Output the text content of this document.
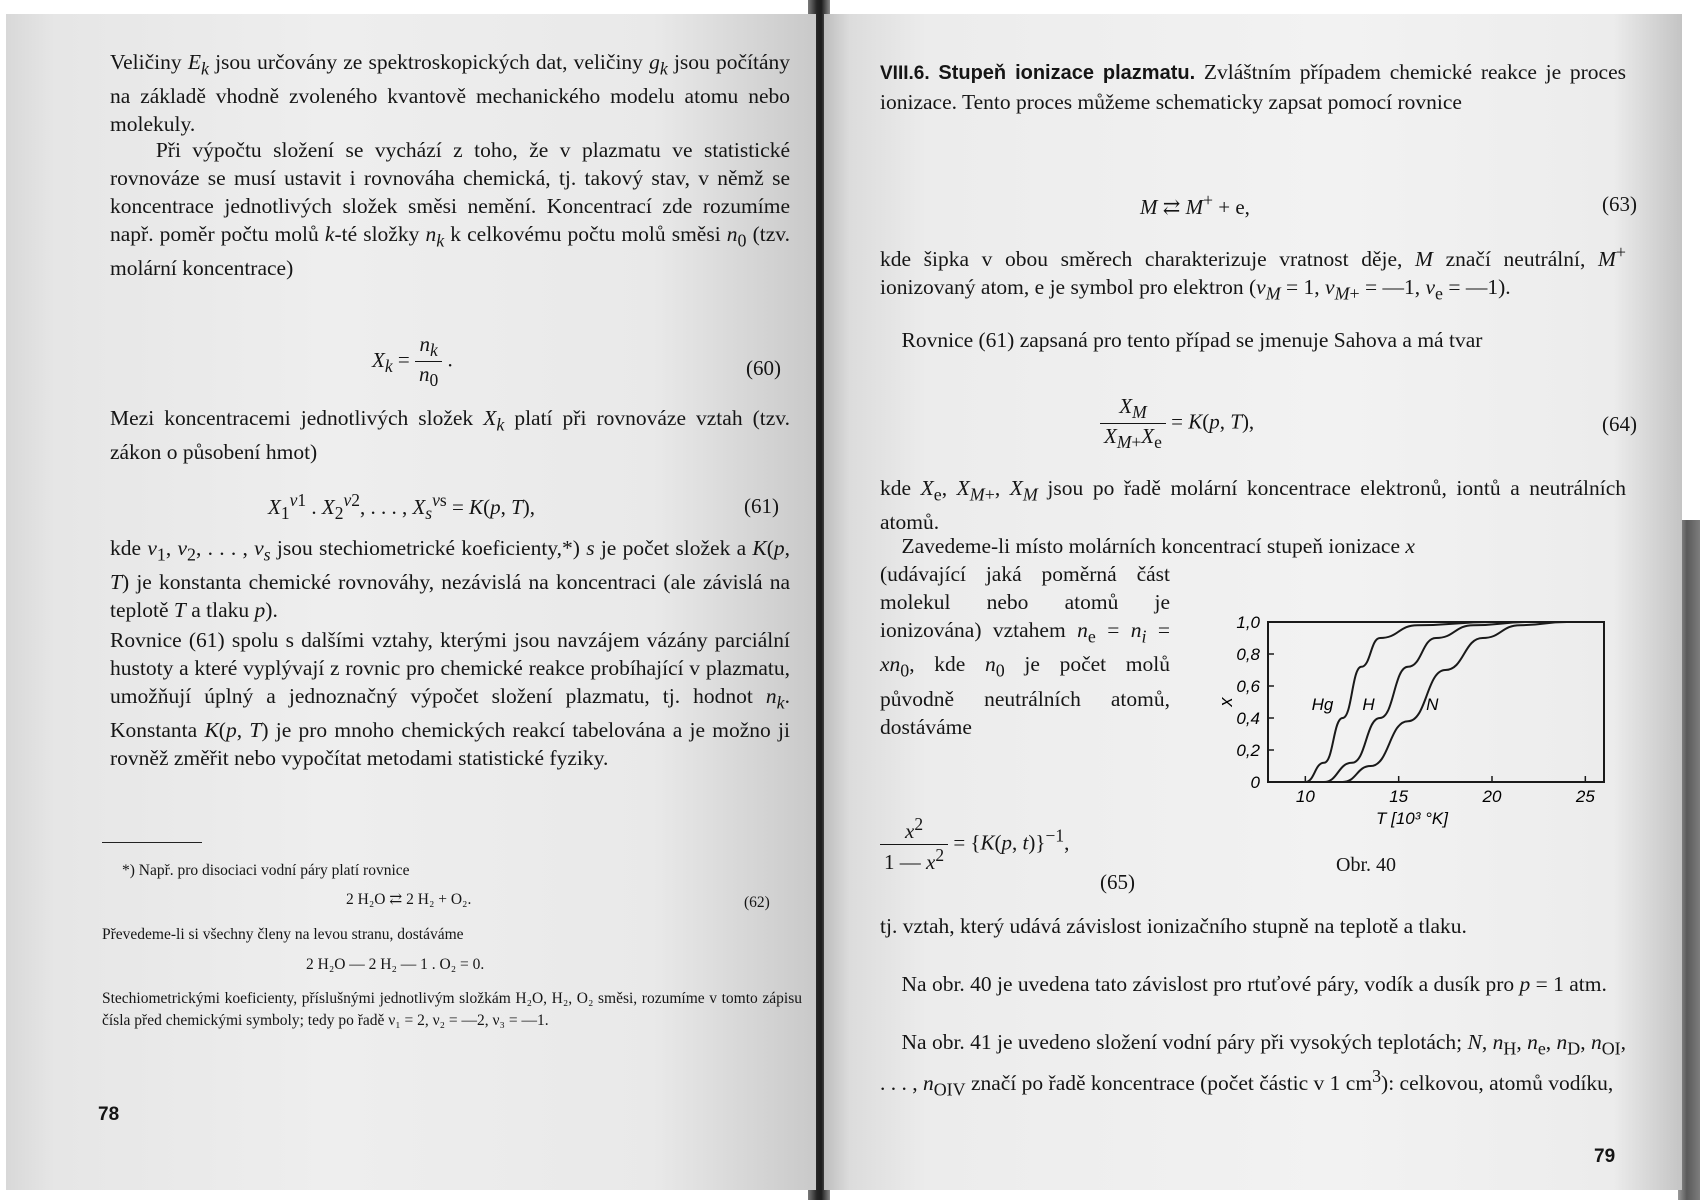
Veličiny $E_k$ jsou určovány ze spektroskopických dat, veličiny $g_k$ jsou počítány na základě vhodně zvoleného kvantově mechanického modelu atomu nebo molekuly.

Při výpočtu složení se vychází z toho, že v plazmatu ve statistické rovnováze se musí ustavit i rovnováha chemická, tj. takový stav, v němž se koncentrace jednotlivých složek směsi nemění. Koncentrací zde rozumíme např. poměr počtu molů k-té složky $n_k$ k celkovému počtu molů směsi $n_0$ (tzv. molární koncentrace)

$X_k = \frac{n_k}{n_0}$ .	(60)

Mezi koncentracemi jednotlivých složek $X_k$ platí při rovnováze vztah (tzv. zákon o působení hmot)

$X_1^{\nu 1}$ . $X_2^{\nu 2}$, . . . , $X_s^{\nu s} = K(p$, T),	(61)

kde $\nu_1$, $\nu_2$, . . . , $\nu_s$ jsou stechiometrické koeficienty,*) s je počet složek a K(p, T) je konstanta chemické rovnováhy, nezávislá na koncentraci (ale závislá na teplotě T a tlaku p).

Rovnice (61) spolu s dalšími vztahy, kterými jsou navzájem vázány parciální hustoty a které vyplývají z rovnic pro chemické reakce probíhající v plazmatu, umožňují úplný a jednoznačný výpočet složení plazmatu, tj. hodnot $n_k$. Konstanta K(p, T) je pro mnoho chemických reakcí tabelována a je možno ji rovněž změřit nebo vypočítat metodami statistické fyziky.

*) Např. pro disociaci vodní páry platí rovnice

2 H₂O ⇄ 2 H₂ + O₂.	(62)

Převedeme-li si všechny členy na levou stranu, dostáváme

2 H₂O — 2 H₂ — 1 . O₂ = 0.

Stechiometrickými koeficienty, příslušnými jednotlivým složkám H₂O, H₂, O₂ směsi, rozumíme v tomto zápisu čísla před chemickými symboly; tedy po řadě ν₁ = 2, ν₂ = —2, ν₃ = —1.

78

VIII.6. Stupeň ionizace plazmatu. Zvláštním případem chemické reakce je proces ionizace. Tento proces můžeme schematicky zapsat pomocí rovnice

M ⇄ M+ + e,	(63)

kde šipka v obou směrech charakterizuje vratnost děje, M značí neutrální, M+ ionizovaný atom, e je symbol pro elektron ($\nu_M = 1$, $\nu_{M+}$ = —1, $\nu_e$ = —1).

Rovnice (61) zapsaná pro tento případ se jmenuje Sahova a má tvar

$\frac{X_M}{X_{M+}X_e} = K(p$, T),	(64)

kde $X_e$, $X_{M+}$, $X_M$ jsou po řadě molární koncentrace elektronů, iontů a neutrálních atomů.

Zavedeme-li místo molárních koncentrací stupeň ionizace x

(udávající jaká poměrná část molekul nebo atomů je ionizována) vztahem $n_e = n_i = xn_0$, kde $n_0$ je počet molů původně neutrálních atomů, dostáváme

0
0,2
0,4
0,6
0,8
1,0
10	15	20	25
T [10³ °K]
x	Hg H	N
Obr. 40
$\frac{x^2}{1 — x^2} = \{K(p$, t)}$^{-1}$,
(65)

tj. vztah, který udává závislost ionizačního stupně na teplotě a tlaku.

Na obr. 40 je uvedena tato závislost pro rtuťové páry, vodík a dusík pro p = 1 atm.

Na obr. 41 je uvedeno složení vodní páry při vysokých teplotách; N, $n_H$, $n_e$, $n_D$, $n_{OI}$, . . . , $n_{OIV}$ značí po řadě koncentrace (počet částic v 1 $cm^3$): celkovou, atomů vodíku,

79
